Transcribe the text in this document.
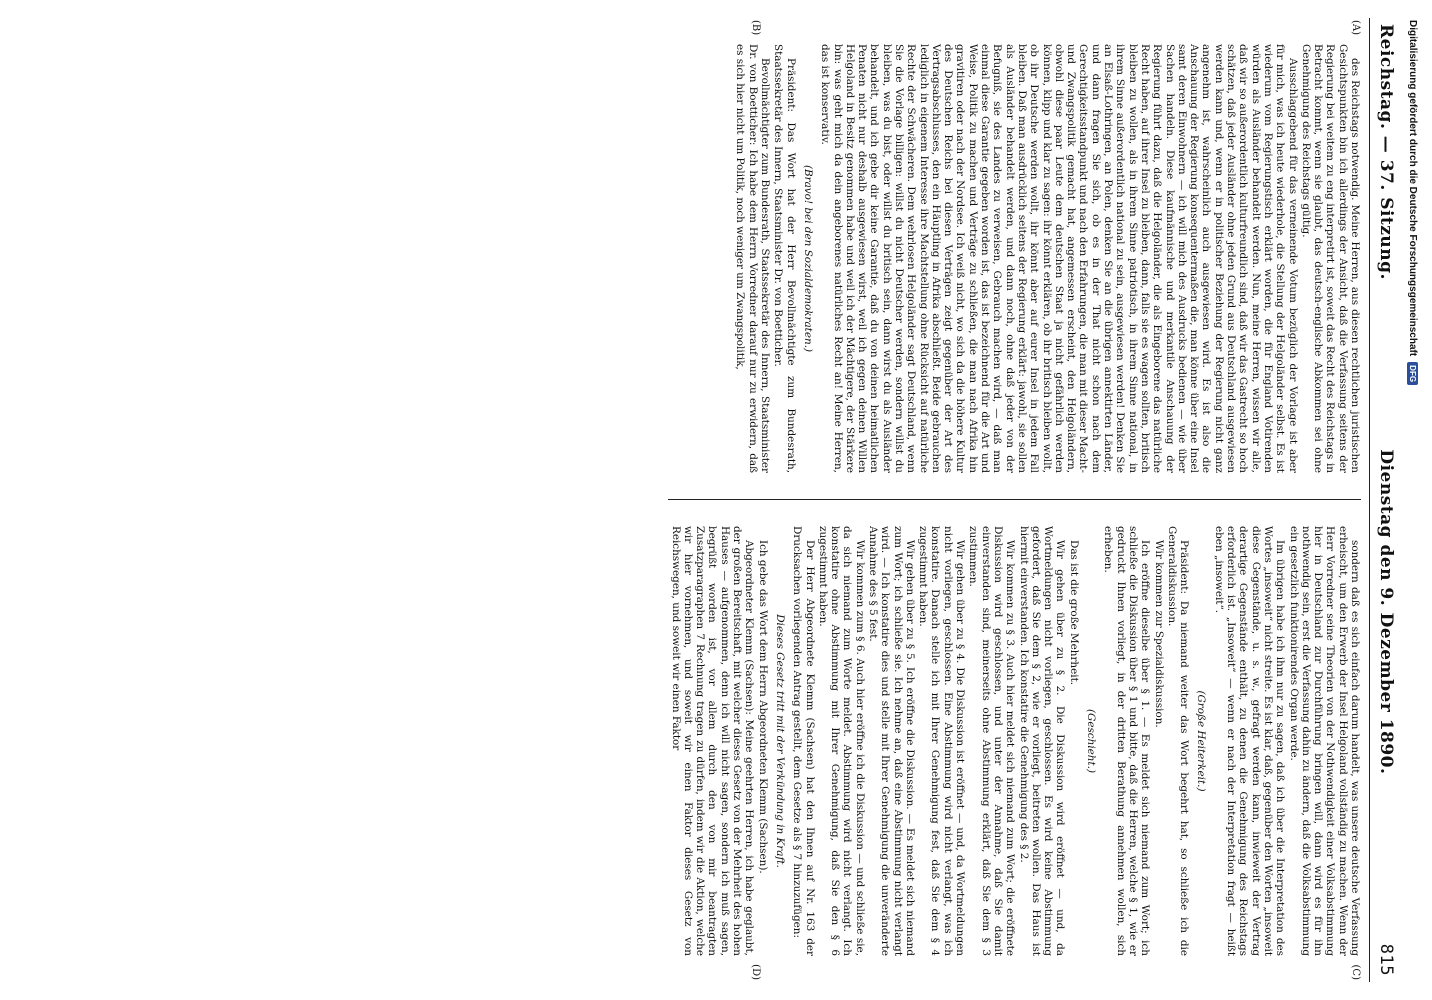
Reichstag. — 37. Sitzung.
Dienstag den 9. Dezember 1890.
815
(A)
(B)

des Reichstags notwendig. Meine Herren, aus diesen rechtlichen juristischen Gesichtspunkten bin ich allerdings der Ansicht, daß die Verfassung seitens der Regierung bei weitem zu eng interpretirt ist, soweit das Recht des Reichstags in Betracht kommt, wenn sie glaubt, das deutsch-englische Abkommen sei ohne Genehmigung des Reichstags gültig.

Ausschlaggebend für das verneinende Votum bezüglich der Vorlage ist aber für mich, was ich heute wiederhole, die Stellung der Helgoländer selbst. Es ist wiederum vom Regierungstisch erklärt worden, die für England Votirenden würden als Ausländer behandelt werden. Nun, meine Herren, wissen wir alle, daß wir so außerordentlich kulturfreundlich sind, daß wir das Gastrecht so hoch schätzen, daß jeder Ausländer ohne jeden Grund aus Deutschland ausgewiesen werden kann und, wenn er in politischer Beziehung der Regierung nicht ganz angenehm ist, wahrscheinlich auch ausgewiesen wird. Es ist also die Anschauung der Regierung konsequentermaßen die, man könne über eine Insel samt deren Einwohnern — ich will mich des Ausdrucks bedienen — wie über Sachen handeln. Diese kaufmännische und merkantile Anschauung der Regierung führt dazu, daß die Helgoländer, die als Eingeborene das natürliche Recht haben, auf ihrer Insel zu bleiben, dann, falls sie es wagen sollten, britisch bleiben zu wollen, als in ihrem Sinne patriotisch, in ihrem Sinne national, in ihrem Sinne außerordentlich national zu sein, ausgewiesen werden! Denken Sie an Elsaß-Lothringen, an Polen, denken Sie an die übrigen annektirten Länder, und dann fragen Sie sich, ob es in der That nicht schon nach dem Gerechtigkeitsstandpunkt und nach den Erfahrungen, die man mit dieser Macht- und Zwangspolitik gemacht hat, angemessen erscheint, den Helgoländern, obwohl diese paar Leute dem deutschen Staat ja nicht gefährlich werden können, klipp und klar zu sagen: ihr könnt erklären, ob ihr britisch bleiben wollt, ob ihr Deutsche werden wollt, ihr könnt aber auf eurer Insel in jedem Fall bleiben. Daß man ausdrücklich seitens der Regierung erklärt: jawohl, sie sollen als Ausländer behandelt werden, und dann noch, ohne daß jeder von der Befugniß, sie des Landes zu verweisen, Gebrauch machen wird, — daß man einmal diese Garantie gegeben worden ist, das ist bezeichnend für die Art und Weise, Politik zu machen und Verträge zu schließen, die man nach Afrika hin gravitiren oder nach der Nordsee. Ich weiß nicht, wo sich da die höhere Kultur des Deutschen Reichs bei diesen Verträgen zeigt gegenüber der Art des Vertragsabschlusses, den ein Häuptling in Afrika abschließt. Beide gebrauchen lediglich in eigenem Interesse ihre Machtstellung ohne Rücksicht auf natürliche Rechte der Schwächeren. Dem wehrlosen Helgoländer sagt Deutschland, wenn Sie die Vorlage billigen: willst du nicht Deutscher werden, sondern willst du bleiben, was du bist, oder willst du britisch sein, dann wirst du als Ausländer behandelt, und ich gebe dir keine Garantie, daß du von deinen heimatlichen Penaten nicht nur deshalb ausgewiesen wirst, weil ich gegen deinen Willen Helgoland in Besitz genommen habe und weil ich der Mächtigere, der Stärkere bin: was geht mich da dein angeborenes natürliches Recht an! Meine Herren, das ist konservativ.

(Bravo! bei den Sozialdemokraten.)

Präsident: Das Wort hat der Herr Bevollmächtigte zum Bundesrath, Staatssekretär des Innern, Staatsminister Dr. von Boetticher.

Bevollmächtigter zum Bundesrath, Staatssekretär des Innern, Staatsminister Dr. von Boetticher: Ich habe dem Herrn Vorredner darauf nur zu erwidern, daß es sich hier nicht um Politik, noch weniger um Zwangspolitik,

(C)
(D)

sondern daß es sich einfach darum handelt, was unsere deutsche Verfassung erheischt, um den Erwerb der Insel Helgoland vollständig zu machen. Wenn der Herr Vorredner seine Theorien von der Nothwendigkeit einer Volksabstimmung hier in Deutschland zur Durchführung bringen will, dann wird es für ihn nothwendig sein, erst die Verfassung dahin zu ändern, daß die Volksabstimmung ein gesetzlich funktionirendes Organ werde.

Im übrigen habe ich ihm nur zu sagen, daß ich über die Interpretation des Wortes „insoweit“ nicht streite. Es ist klar, daß, gegenüber den Worten „insoweit diese Gegenstände, u. s. w., gefragt werden kann, inwieweit der Vertrag derartige Gegenstände enthält, zu denen die Genehmigung des Reichstags erforderlich ist. „Insoweit“ — wenn er nach der Interpretation fragt — heißt eben „insoweit“.

(Große Heiterkeit.)

Präsident: Da niemand weiter das Wort begehrt hat, so schließe ich die Generaldiskussion.

Wir kommen zur Spezialdiskussion.

Ich eröffne dieselbe über § 1. — Es meldet sich niemand zum Wort; ich schließe die Diskussion über § 1 und bitte, daß die Herren, welche § 1, wie er gedruckt Ihnen vorliegt, in der dritten Berathung annehmen wollen, sich erheben.

(Geschieht.)

Das ist die große Mehrheit.

Wir gehen über zu § 2. Die Diskussion wird eröffnet — und, da Wortmeldungen nicht vorliegen, geschlossen. Es wird keine Abstimmung gefordert, daß Sie dem § 2, wie er vorliegt, beitreten wollen. Das Haus ist hiermit einverstanden. Ich konstatire die Genehmigung des § 2.

Wir kommen zu § 3. Auch hier meldet sich niemand zum Wort; die eröffnete Diskussion wird geschlossen, und unter der Annahme, daß Sie damit einverstanden sind, meinerseits ohne Abstimmung erklärt, daß Sie dem § 3 zustimmen.

Wir gehen über zu § 4. Die Diskussion ist eröffnet — und, da Wortmeldungen nicht vorliegen, geschlossen. Eine Abstimmung wird nicht verlangt, was ich konstatire. Danach stelle ich mit Ihrer Genehmigung fest, daß Sie dem § 4 zugestimmt haben.

Wir gehen über zu § 5. Ich eröffne die Diskussion. — Es meldet sich niemand zum Wort; ich schließe sie. Ich nehme an, daß eine Abstimmung nicht verlangt wird. — Ich konstatire dies und stelle mit Ihrer Genehmigung die unveränderte Annahme des § 5 fest.

Wir kommen zum § 6. Auch hier eröffne ich die Diskussion — und schließe sie, da sich niemand zum Worte meldet. Abstimmung wird nicht verlangt. Ich konstatire ohne Abstimmung mit Ihrer Genehmigung, daß Sie den § 6 zugestimmt haben.

Der Herr Abgeordnete Klemm (Sachsen) hat den Ihnen auf Nr. 163 der Drucksachen vorliegenden Antrag gestellt, dem Gesetze als § 7 hinzuzufügen:

Dieses Gesetz tritt mit der Verkündung in Kraft.

Ich gebe das Wort dem Herrn Abgeordneten Klemm (Sachsen).

Abgeordneter Klemm (Sachsen): Meine geehrten Herren, ich habe geglaubt, der großen Bereitschaft, mit welcher dieses Gesetz von der Mehrheit des hohen Hauses — aufgenommen, denn ich will nicht sagen, sondern ich muß sagen, begrüßt worden ist, vor allem durch den von mir beantragten Zusatzparagraphen 7 Rechnung tragen zu dürfen, indem wir die Aktion, welche wir hier vornehmen, und soweit wir einen Faktor dieses Gesetz von Reichswegen, und soweit wir einen Faktor

Digitalisierung gefördert durch die Deutsche Forschungsgemeinschaft
DFG
